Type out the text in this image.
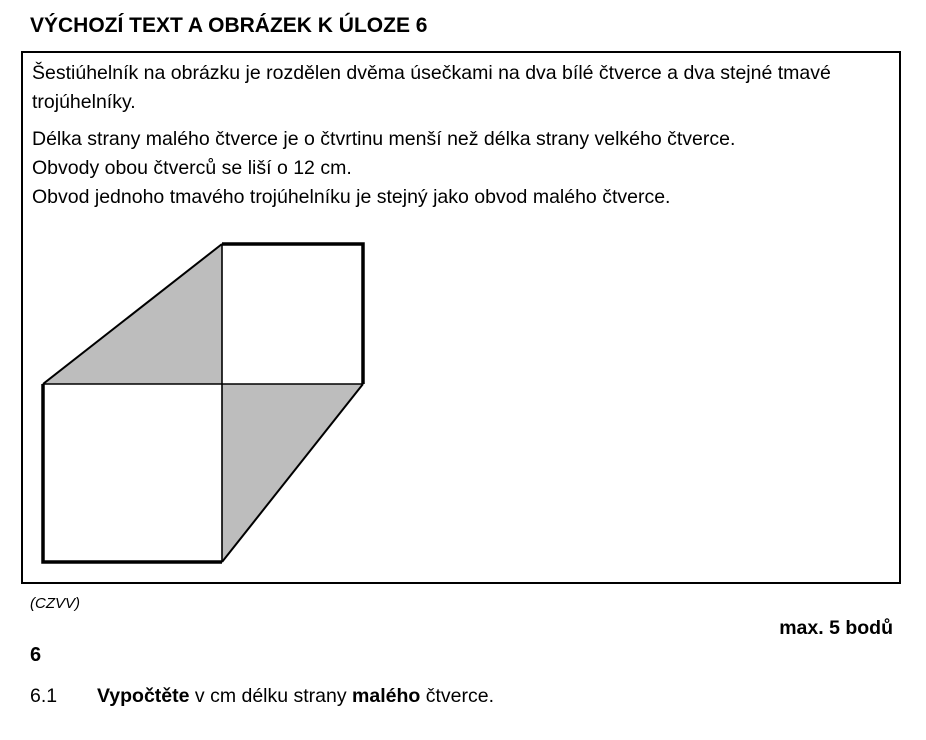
VÝCHOZÍ TEXT A OBRÁZEK K ÚLOZE 6
Šestiúhelník na obrázku je rozdělen dvěma úsečkami na dva bílé čtverce a dva stejné tmavé
trojúhelníky.
Délka strany malého čtverce je o čtvrtinu menší než délka strany velkého čtverce.
Obvody obou čtverců se liší o 12 cm.
Obvod jednoho tmavého trojúhelníku je stejný jako obvod malého čtverce.
(CZVV)
max. 5 bodů
6
6.1 Vypočtěte v cm délku strany malého čtverce.
